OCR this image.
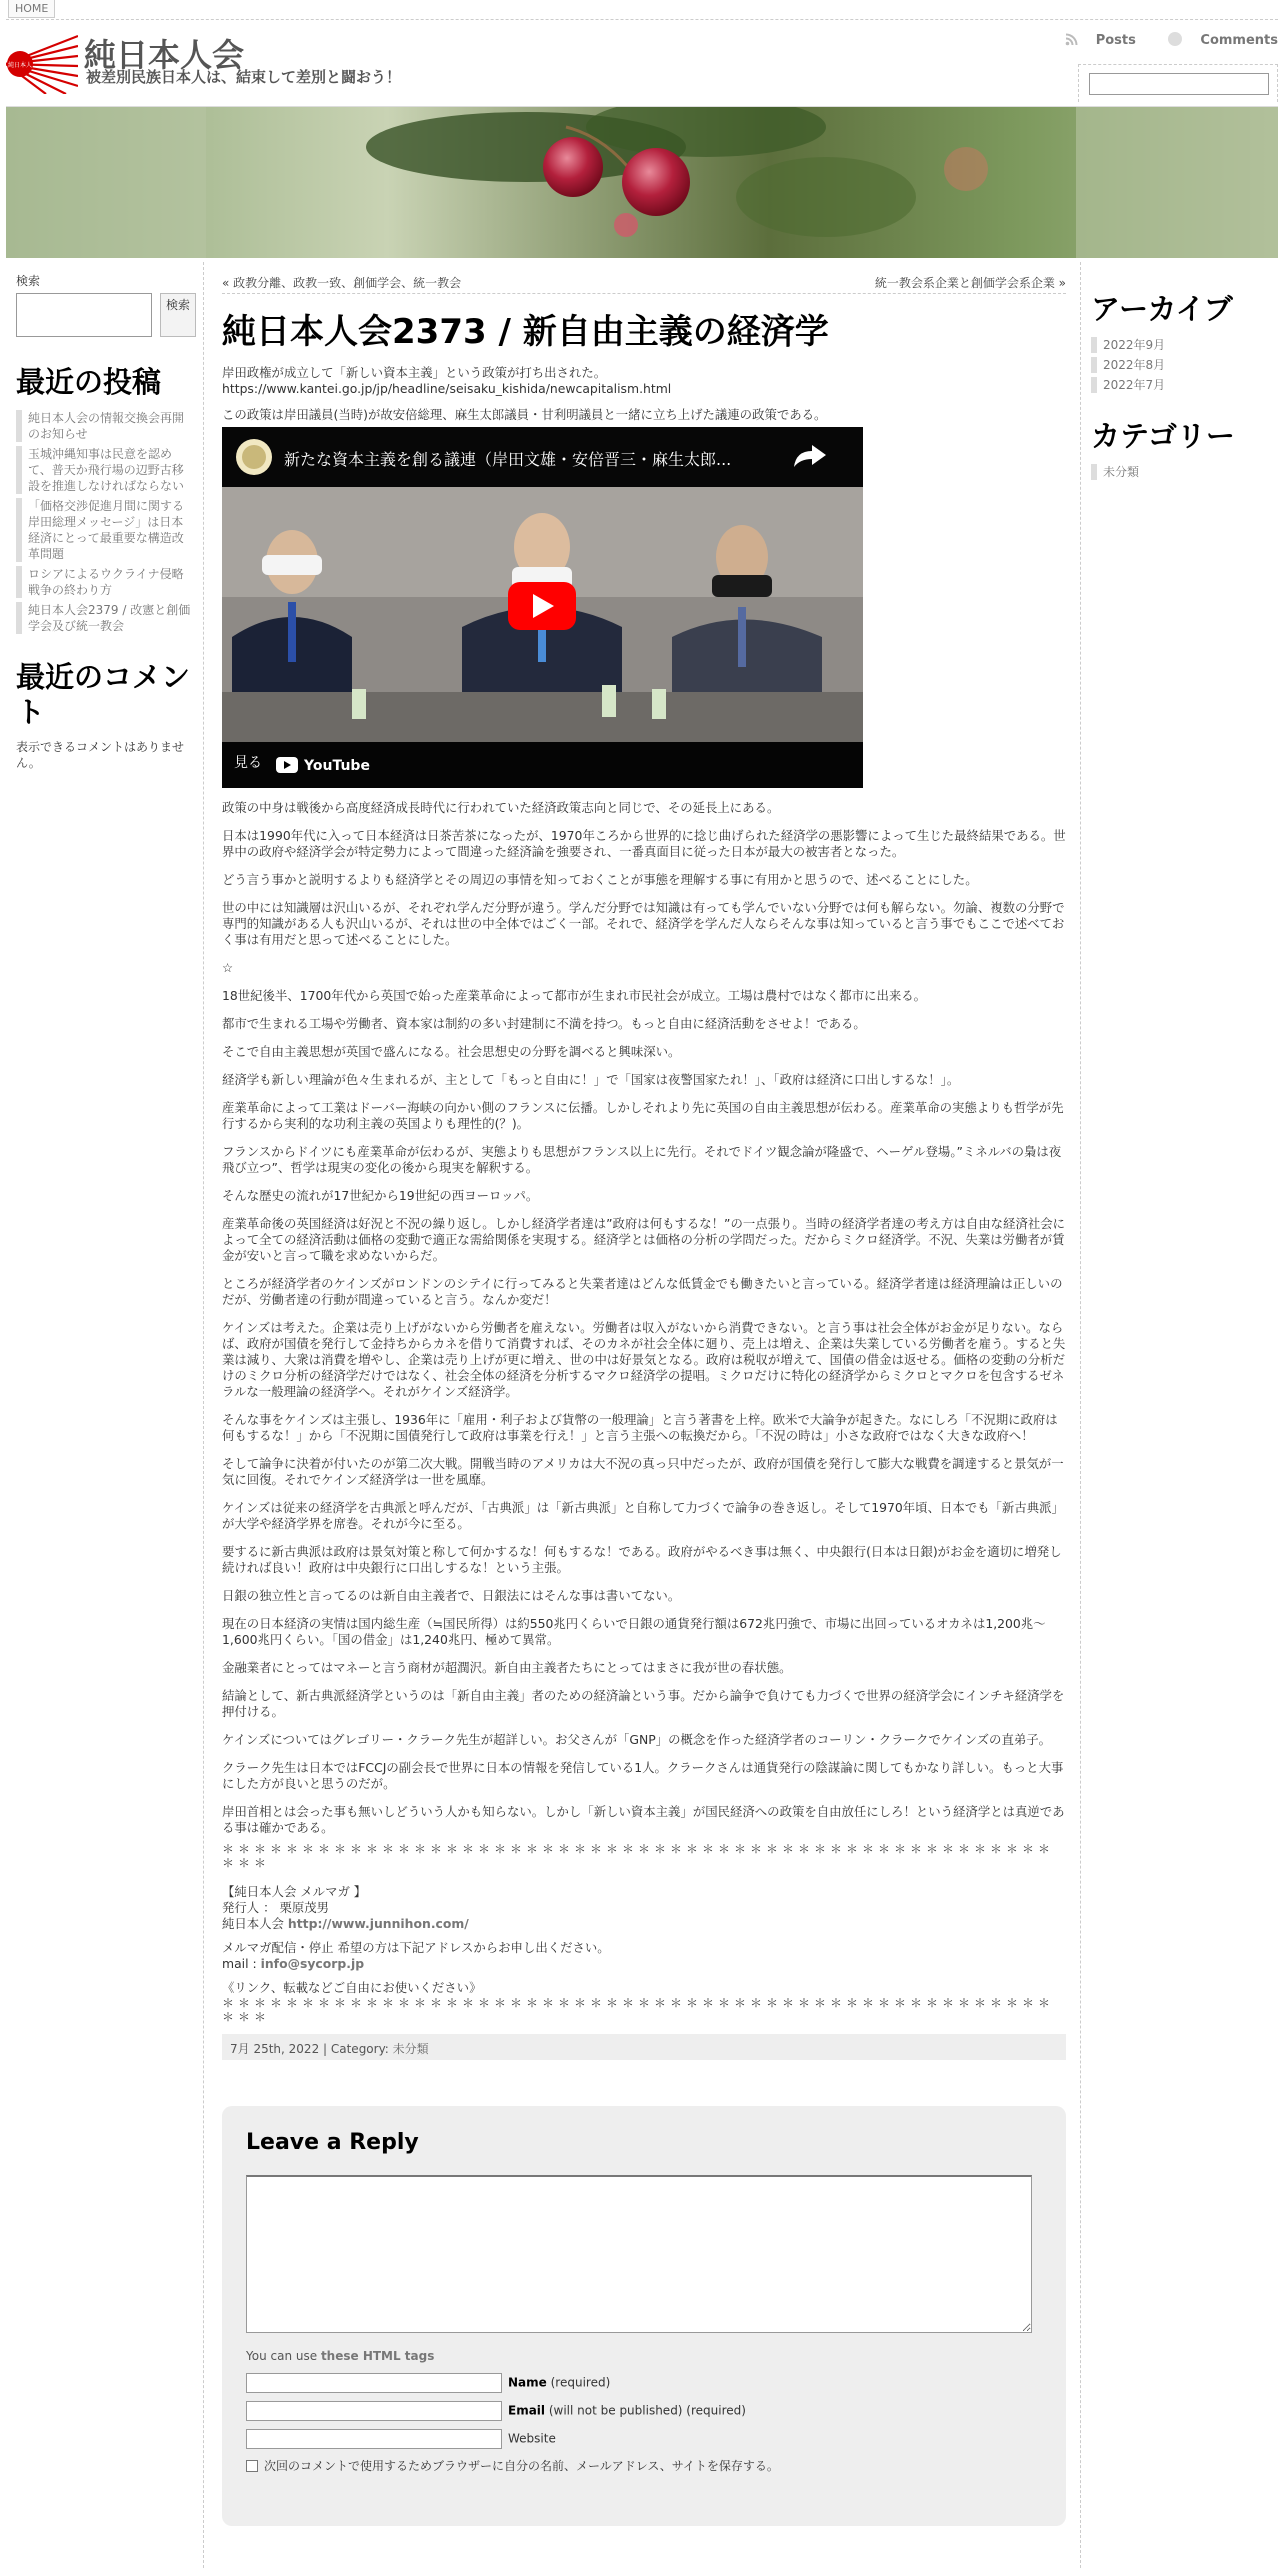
HOME
純日本人 純日本人会
被差別民族日本人は、結束して差別と闘おう！
Posts	Comments
検索
検索
最近の投稿
純日本人会の情報交換会再開のお知らせ
玉城沖縄知事は民意を認めて、普天か飛行場の辺野古移設を推進しなければならない
「価格交渉促進月間に関する岸田総理メッセージ」は日本経済にとって最重要な構造改革問題
ロシアによるウクライナ侵略戦争の終わり方
純日本人会2379 / 改憲と創価学会及び統一教会
最近のコメント
表示できるコメントはありません。
« 政教分離、政教一致、創価学会、統一教会	統一教会系企業と創価学会系企業 »
純日本人会2373 / 新自由主義の経済学
岸田政権が成立して「新しい資本主義」という政策が打ち出された。
https://www.kantei.go.jp/jp/headline/seisaku_kishida/newcapitalism.html
この政策は岸田議員(当時)が故安倍総理、麻生太郎議員・甘利明議員と一緒に立ち上げた議連の政策である。
新たな資本主義を創る議連（岸田文雄・安倍晋三・麻生太郎...
見る	YouTube
政策の中身は戦後から高度経済成長時代に行われていた経済政策志向と同じで、その延長上にある。
日本は1990年代に入って日本経済は日茶苦茶になったが、1970年ころから世界的に捻じ曲げられた経済学の悪影響によって生じた最終結果である。世界中の政府や経済学会が特定勢力によって間違った経済論を強要され、一番真面目に従った日本が最大の被害者となった。
どう言う事かと説明するよりも経済学とその周辺の事情を知っておくことが事態を理解する事に有用かと思うので、述べることにした。
世の中には知識層は沢山いるが、それぞれ学んだ分野が違う。学んだ分野では知識は有っても学んでいない分野では何も解らない。勿論、複数の分野で専門的知識がある人も沢山いるが、それは世の中全体ではごく一部。それで、経済学を学んだ人ならそんな事は知っていると言う事でもここで述べておく事は有用だと思って述べることにした。
☆
18世紀後半、1700年代から英国で始った産業革命によって都市が生まれ市民社会が成立。工場は農村ではなく都市に出来る。
都市で生まれる工場や労働者、資本家は制約の多い封建制に不満を持つ。もっと自由に経済活動をさせよ！である。
そこで自由主義思想が英国で盛んになる。社会思想史の分野を調べると興味深い。
経済学も新しい理論が色々生まれるが、主として「もっと自由に！」で「国家は夜警国家たれ！」、「政府は経済に口出しするな！」。
産業革命によって工業はドーバー海峡の向かい側のフランスに伝播。しかしそれより先に英国の自由主義思想が伝わる。産業革命の実態よりも哲学が先行するから実利的な功利主義の英国よりも理性的(？)。
フランスからドイツにも産業革命が伝わるが、実態よりも思想がフランス以上に先行。それでドイツ観念論が隆盛で、ヘーゲル登場。”ミネルバの梟は夜飛び立つ”、哲学は現実の変化の後から現実を解釈する。
そんな歴史の流れが17世紀から19世紀の西ヨーロッパ。
産業革命後の英国経済は好況と不況の繰り返し。しかし経済学者達は”政府は何もするな！”の一点張り。当時の経済学者達の考え方は自由な経済社会によって全ての経済活動は価格の変動で適正な需給関係を実現する。経済学とは価格の分析の学問だった。だからミクロ経済学。不況、失業は労働者が賃金が安いと言って職を求めないからだ。
ところが経済学者のケインズがロンドンのシテイに行ってみると失業者達はどんな低賃金でも働きたいと言っている。経済学者達は経済理論は正しいのだが、労働者達の行動が間違っていると言う。なんか変だ！
ケインズは考えた。企業は売り上げがないから労働者を雇えない。労働者は収入がないから消費できない。と言う事は社会全体がお金が足りない。ならば、政府が国債を発行して金持ちからカネを借りて消費すれば、そのカネが社会全体に廻り、売上は増え、企業は失業している労働者を雇う。すると失業は減り、大衆は消費を増やし、企業は売り上げが更に増え、世の中は好景気となる。政府は税収が増えて、国債の借金は返せる。価格の変動の分析だけのミクロ分析の経済学だけではなく、社会全体の経済を分析するマクロ経済学の提唱。ミクロだけに特化の経済学からミクロとマクロを包含するゼネラルな一般理論の経済学へ。それがケインズ経済学。
そんな事をケインズは主張し、1936年に「雇用・利子および貨幣の一般理論」と言う著書を上梓。欧米で大論争が起きた。なにしろ「不況期に政府は何もするな！」から「不況期に国債発行して政府は事業を行え！」と言う主張への転換だから。「不況の時は」小さな政府ではなく大きな政府へ！
そして論争に決着が付いたのが第二次大戦。開戦当時のアメリカは大不況の真っ只中だったが、政府が国債を発行して膨大な戦費を調達すると景気が一気に回復。それでケインズ経済学は一世を風靡。
ケインズは従来の経済学を古典派と呼んだが、「古典派」は「新古典派」と自称して力づくで論争の巻き返し。そして1970年頃、日本でも「新古典派」が大学や経済学界を席巻。それが今に至る。
要するに新古典派は政府は景気対策と称して何かするな！何もするな！である。政府がやるべき事は無く、中央銀行(日本は日銀)がお金を適切に増発し続ければ良い！政府は中央銀行に口出しするな！という主張。
日銀の独立性と言ってるのは新自由主義者で、日銀法にはそんな事は書いてない。
現在の日本経済の実情は国内総生産（≒国民所得）は約550兆円くらいで日銀の通貨発行額は672兆円強で、市場に出回っているオカネは1,200兆～1,600兆円くらい。「国の借金」は1,240兆円、極めて異常。
金融業者にとってはマネーと言う商材が超潤沢。新自由主義者たちにとってはまさに我が世の春状態。
結論として、新古典派経済学というのは「新自由主義」者のための経済論という事。だから論争で負けても力づくで世界の経済学会にインチキ経済学を押付ける。
ケインズについてはグレゴリー・クラーク先生が超詳しい。お父さんが「GNP」の概念を作った経済学者のコーリン・クラークでケインズの直弟子。
クラーク先生は日本ではFCCJの副会長で世界に日本の情報を発信している1人。クラークさんは通貨発行の陰謀論に関してもかなり詳しい。もっと大事にした方が良いと思うのだが。
岸田首相とは会った事も無いしどういう人かも知らない。しかし「新しい資本主義」が国民経済への政策を自由放任にしろ！という経済学とは真逆である事は確かである。
＊＊＊＊＊＊＊＊＊＊＊＊＊＊＊＊＊＊＊＊＊＊＊＊＊＊＊＊＊＊＊＊＊＊＊＊＊＊＊＊＊＊＊＊＊＊＊＊＊＊＊＊＊＊＊
【純日本人会 メルマガ 】
発行人 ： 栗原茂男
純日本人会 http://www.junnihon.com/
メルマガ配信・停止 希望の方は下記アドレスからお申し出ください。
mail : info@sycorp.jp
《リンク、転載などご自由にお使いください》
＊＊＊＊＊＊＊＊＊＊＊＊＊＊＊＊＊＊＊＊＊＊＊＊＊＊＊＊＊＊＊＊＊＊＊＊＊＊＊＊＊＊＊＊＊＊＊＊＊＊＊＊＊＊＊
7月 25th, 2022 | Category: 未分類
Leave a Reply
You can use these HTML tags
Name (required)
Email (will not be published) (required)
Website
次回のコメントで使用するためブラウザーに自分の名前、メールアドレス、サイトを保存する。
アーカイブ
2022年9月
2022年8月
2022年7月
カテゴリー
未分類
